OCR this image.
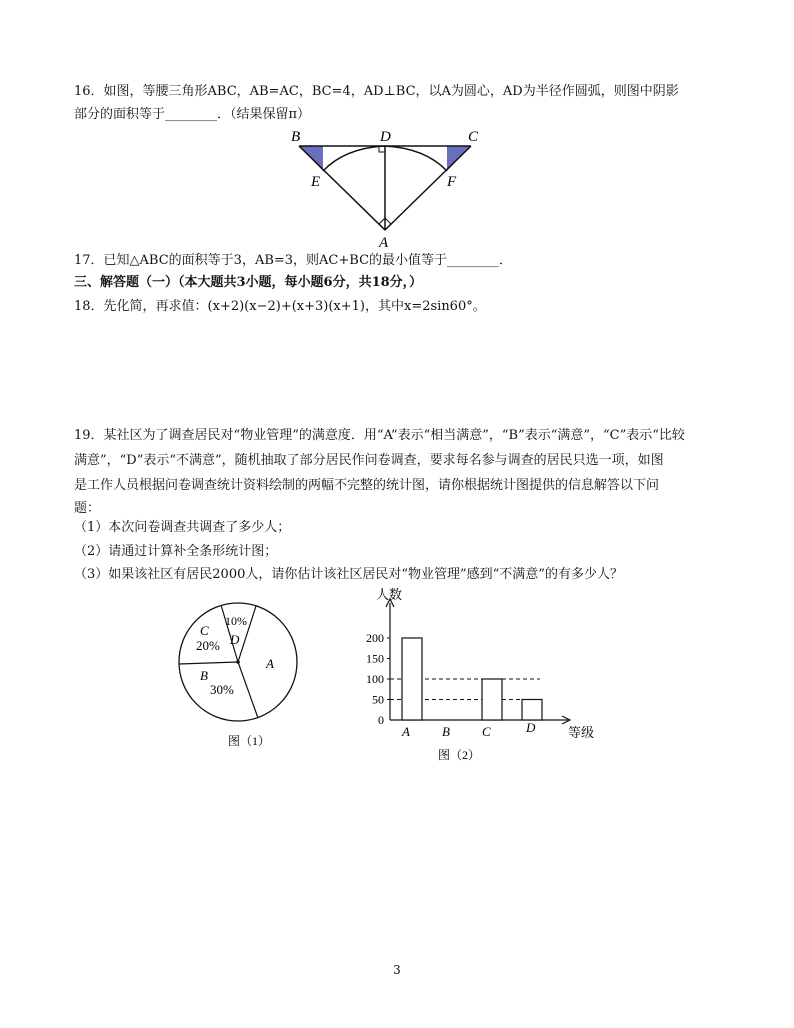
16．如图，等腰三角形ABC，AB=AC，BC=4，AD⊥BC，以A为圆心，AD为半径作圆弧，则图中阴影
部分的面积等于________．（结果保留π）
B	D	C
E	F
A
17．已知△ABC的面积等于3，AB=3，则AC+BC的最小值等于________．
三、解答题（一）（本大题共3小题，每小题6分，共18分，）
18．先化简，再求值：(x+2)(x−2)+(x+3)(x+1)，其中x=2sin60°。
19．某社区为了调查居民对“物业管理”的满意度．用“A”表示“相当满意”，“B”表示“满意”，“C”表示“比较
满意”，“D”表示“不满意”，随机抽取了部分居民作问卷调查，要求每名参与调查的居民只选一项，如图
是工作人员根据问卷调查统计资料绘制的两幅不完整的统计图，请你根据统计图提供的信息解答以下问
题：
（1）本次问卷调查共调查了多少人；
（2）请通过计算补全条形统计图；
（3）如果该社区有居民2000人，请你估计该社区居民对“物业管理”感到“不满意”的有多少人？
C
20%
10%
D
B
30%
A
图（1）
人数
等级
0
50
100
150
200
A B C	D
图（2）
3
